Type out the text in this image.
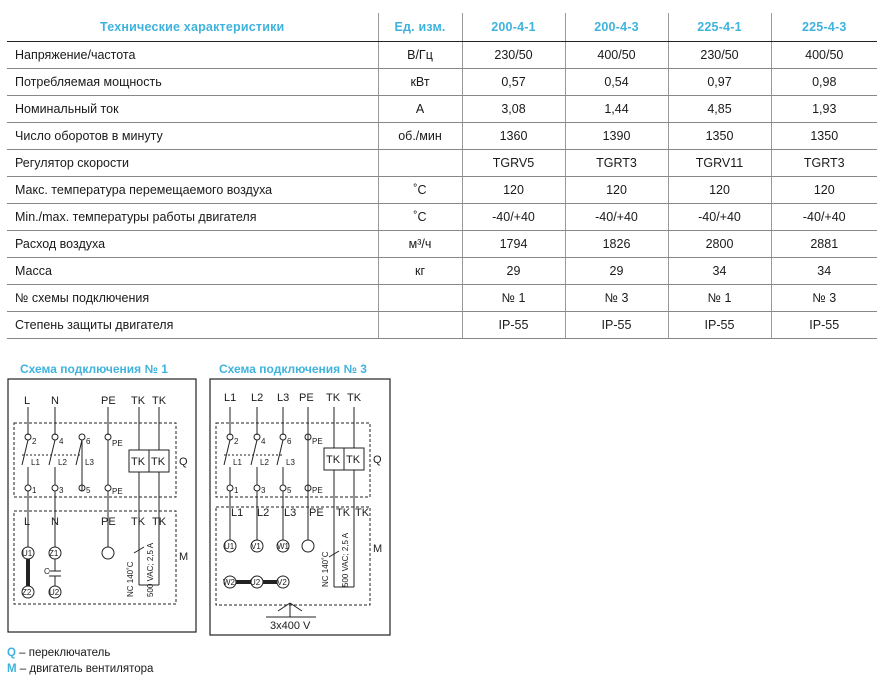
Технические характеристики	Ед. изм.	200-4-1	200-4-3	225-4-1	225-4-3
Напряжение/частота	В/Гц	230/50	400/50	230/50	400/50
Потребляемая мощность	кВт	0,57	0,54	0,97	0,98
Номинальный ток	А	3,08	1,44	4,85	1,93
Число оборотов в минуту	об./мин	1360	1390	1350	1350
Регулятор скорости		TGRV5	TGRT3	TGRV11	TGRT3
Макс. температура перемещаемого воздуха	˚С	120	120	120	120
Min./max. температуры работы двигателя	˚С	-40/+40	-40/+40	-40/+40	-40/+40
Расход воздуха	м³/ч	1794	1826	2800	2881
Масса	кг	29	29	34	34
№ схемы подключения		№ 1	№ 3	№ 1	№ 3
Степень защиты двигателя		IP-55	IP-55	IP-55	IP-55
Схема подключения № 1	Схема подключения № 3
L N	PE TK TK
TK TK Q
M
L N	PE TK TK
2	4	6	PE
1	3	5	PE
L1 L2 L3
U1 Z1
Z2 U2
C	NC 140˚C 500 VAC; 2,5 A
L1 L2 L3 PE TK TK
TK TK Q
M
L1 L2 L3 PE TK TK
3x400 V
2	4	6	PE
1	3	5	PE
L1 L2 L3
U1 V1 W1
W2 U2 V2	NC 140˚C 500 VAC; 2,5 A
Q – переключатель
M – двигатель вентилятора
